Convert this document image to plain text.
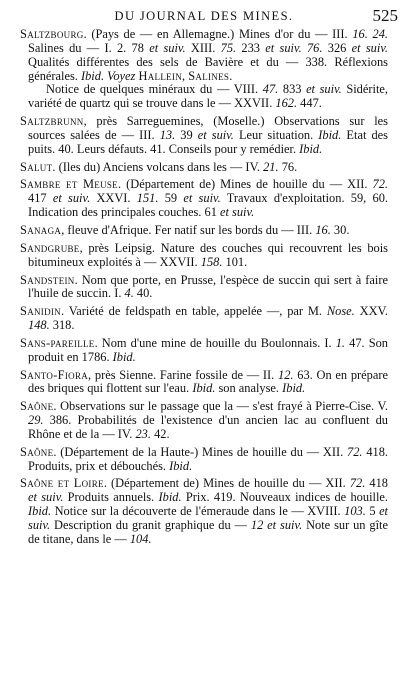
DU JOURNAL DES MINES.	525

Saltzbourg. (Pays de — en Allemagne.) Mines d'or du — III. 16. 24. Salines du — I. 2. 78 et suiv. XIII. 75. 233 et suiv. 76. 326 et suiv. Qualités différentes des sels de Bavière et du — 338. Réflexions générales. Ibid. Voyez Hallein, Salines.

Notice de quelques minéraux du — VIII. 47. 833 et suiv. Sidérite, variété de quartz qui se trouve dans le — XXVII. 162. 447.

Saltzbrunn, près Sarreguemines, (Moselle.) Observations sur les sources salées de — III. 13. 39 et suiv. Leur situation. Ibid. Etat des puits. 40. Leurs défauts. 41. Conseils pour y remédier. Ibid.

Salut. (Iles du) Anciens volcans dans les — IV. 21. 76.

Sambre et Meuse. (Département de) Mines de houille du — XII. 72. 417 et suiv. XXVI. 151. 59 et suiv. Travaux d'exploitation. 59, 60. Indication des principales couches. 61 et suiv.

Sanaga, fleuve d'Afrique. Fer natif sur les bords du — III. 16. 30.

Sandgrube, près Leipsig. Nature des couches qui recouvrent les bois bitumineux exploités à — XXVII. 158. 101.

Sandstein. Nom que porte, en Prusse, l'espèce de succin qui sert à faire l'huile de succin. I. 4. 40.

Sanidin. Variété de feldspath en table, appelée —, par M. Nose. XXV. 148. 318.

Sans-pareille. Nom d'une mine de houille du Boulonnais. I. 1. 47. Son produit en 1786. Ibid.

Santo-Fiora, près Sienne. Farine fossile de — II. 12. 63. On en prépare des briques qui flottent sur l'eau. Ibid. son analyse. Ibid.

Saône. Observations sur le passage que la — s'est frayé à Pierre-Cise. V. 29. 386. Probabilités de l'existence d'un ancien lac au confluent du Rhône et de la — IV. 23. 42.

Saône. (Département de la Haute-) Mines de houille du — XII. 72. 418. Produits, prix et débouchés. Ibid.

Saône et Loire. (Département de) Mines de houille du — XII. 72. 418 et suiv. Produits annuels. Ibid. Prix. 419. Nouveaux indices de houille. Ibid. Notice sur la découverte de l'émeraude dans le — XVIII. 103. 5 et suiv. Description du granit graphique du — 12 et suiv. Note sur un gîte de titane, dans le — 104.
